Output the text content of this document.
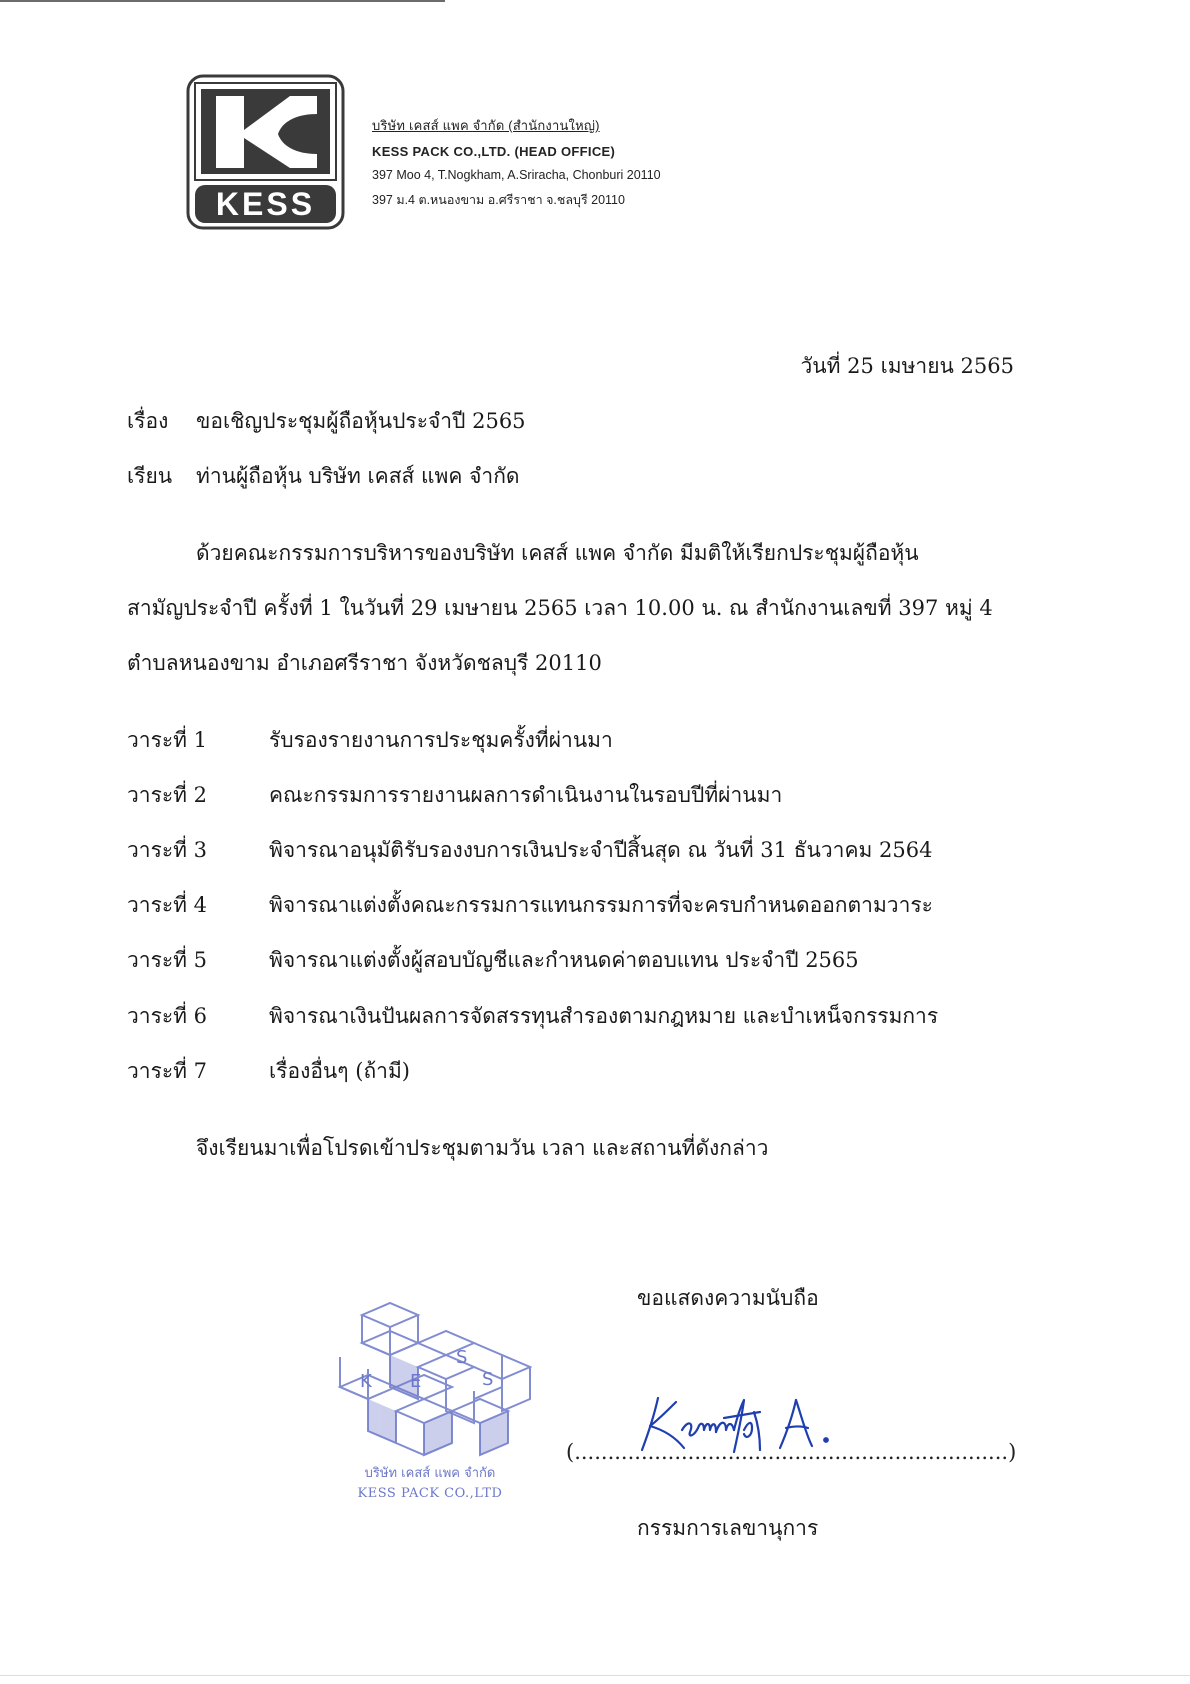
KESS
บริษัท เคสส์ แพค จำกัด (สำนักงานใหญ่)
KESS PACK CO.,LTD. (HEAD OFFICE)
397 Moo 4, T.Nogkham, A.Sriracha, Chonburi 20110
397 ม.4 ต.หนองขาม อ.ศรีราชา จ.ชลบุรี 20110
วันที่ 25 เมษายน 2565
เรื่อง ขอเชิญประชุมผู้ถือหุ้นประจำปี 2565
เรียน ท่านผู้ถือหุ้น บริษัท เคสส์ แพค จำกัด
ด้วยคณะกรรมการบริหารของบริษัท เคสส์ แพค จำกัด มีมติให้เรียกประชุมผู้ถือหุ้น
สามัญประจำปี ครั้งที่ 1 ในวันที่ 29 เมษายน 2565 เวลา 10.00 น. ณ สำนักงานเลขที่ 397 หมู่ 4
ตำบลหนองขาม อำเภอศรีราชา จังหวัดชลบุรี 20110
วาระที่ 1	รับรองรายงานการประชุมครั้งที่ผ่านมา
วาระที่ 2	คณะกรรมการรายงานผลการดำเนินงานในรอบปีที่ผ่านมา
วาระที่ 3	พิจารณาอนุมัติรับรองงบการเงินประจำปีสิ้นสุด ณ วันที่ 31 ธันวาคม 2564
วาระที่ 4	พิจารณาแต่งตั้งคณะกรรมการแทนกรรมการที่จะครบกำหนดออกตามวาระ
วาระที่ 5	พิจารณาแต่งตั้งผู้สอบบัญชีและกำหนดค่าตอบแทน ประจำปี 2565
วาระที่ 6	พิจารณาเงินปันผลการจัดสรรทุนสำรองตามกฎหมาย และบำเหน็จกรรมการ
วาระที่ 7	เรื่องอื่นๆ (ถ้ามี)
จึงเรียนมาเพื่อโปรดเข้าประชุมตามวัน เวลา และสถานที่ดังกล่าว
ขอแสดงความนับถือ
K E
S
S
บริษัท เคสส์ แพค จำกัด
KESS PACK CO.,LTD
(.................................................................)
กรรมการเลขานุการ
